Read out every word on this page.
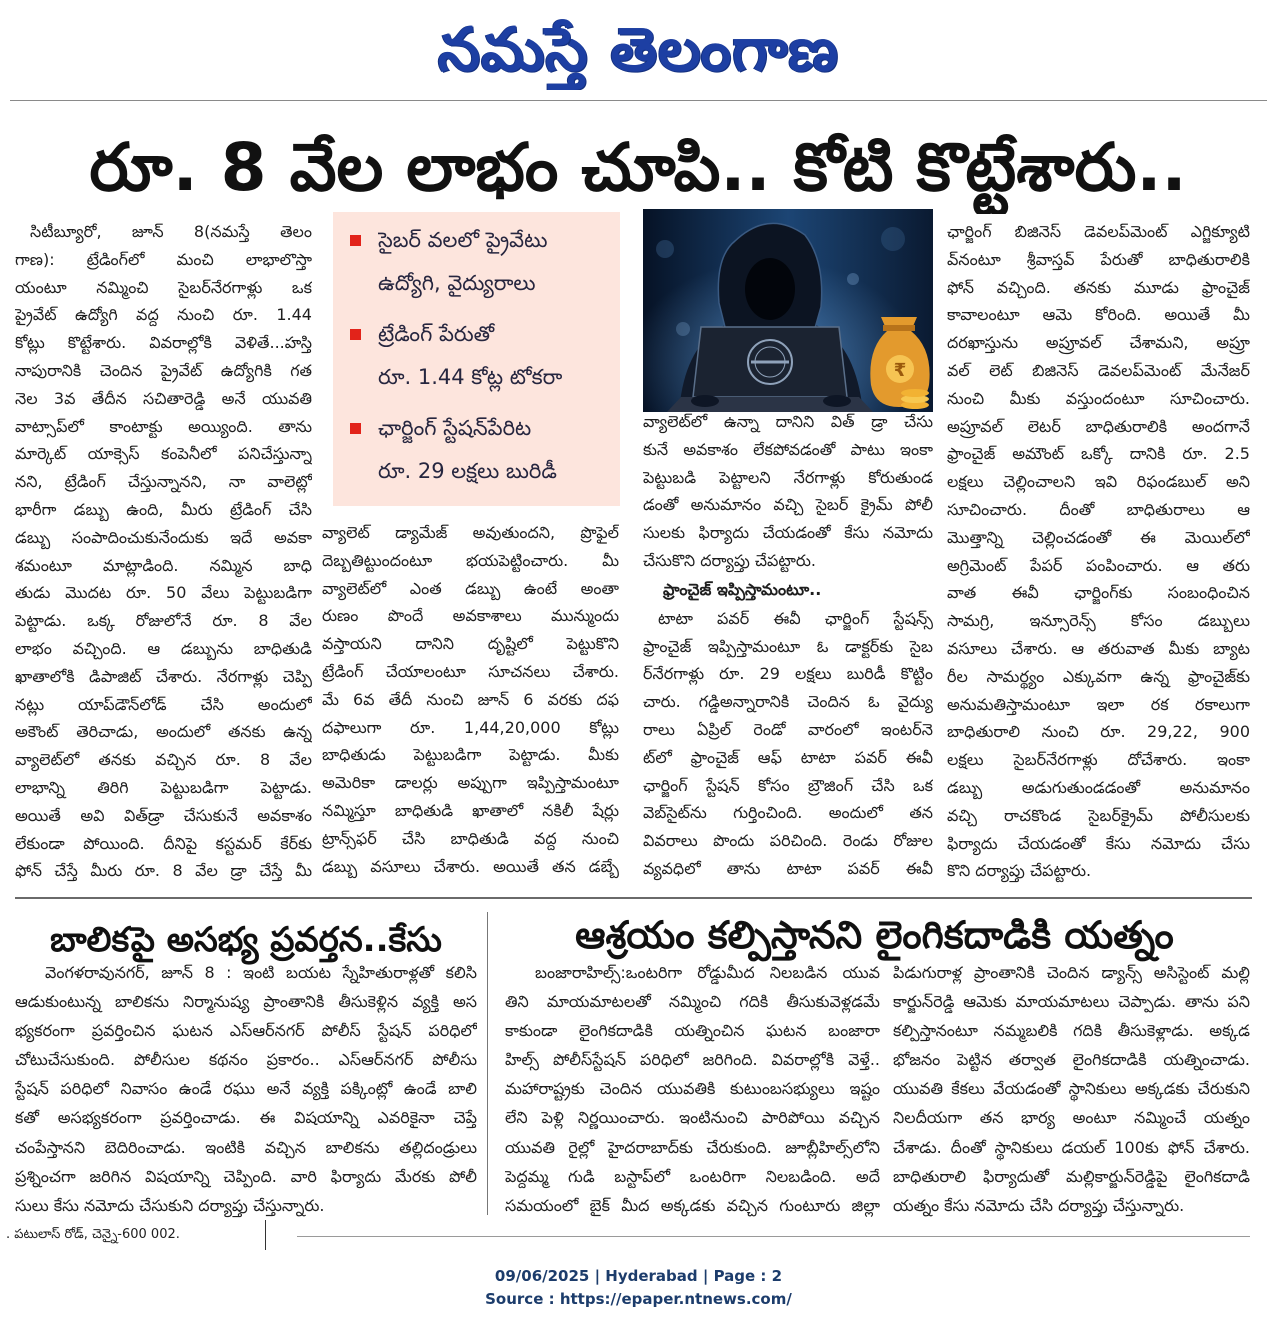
నమస్తే తెలంగాణ
రూ. 8 వేల లాభం చూపి.. కోటి కొట్టేశారు..
సిటీబ్యూరో, జూన్ 8(నమస్తే తెలం
గాణ): ట్రేడింగ్‌లో మంచి లాభాలొస్తా
యంటూ నమ్మించి సైబర్‌నేరగాళ్లు ఒక
ప్రైవేట్ ఉద్యోగి వద్ద నుంచి రూ. 1.44
కోట్లు కొట్టేశారు. వివరాల్లోకి వెళితే...హస్తి
నాపురానికి చెందిన ప్రైవేట్ ఉద్యోగికి గత
నెల 3వ తేదీన సచితారెడ్డి అనే యువతి
వాట్సాప్‌లో కాంటాక్టు అయ్యింది. తాను
మార్కెట్ యాక్సెస్ కంపెనీలో పనిచేస్తున్నా
నని, ట్రేడింగ్ చేస్తున్నానని, నా వాలెట్లో
భారీగా డబ్బు ఉంది, మీరు ట్రేడింగ్ చేసి
డబ్బు సంపాదించుకునేందుకు ఇదే అవకా
శమంటూ మాట్లాడింది. నమ్మిన బాధి
తుడు మొదట రూ. 50 వేలు పెట్టుబడిగా
పెట్టాడు. ఒక్క రోజులోనే రూ. 8 వేల
లాభం వచ్చింది. ఆ డబ్బును బాధితుడి
ఖాతాలోకి డిపాజిట్ చేశారు. నేరగాళ్లు చెప్పి
నట్లు యాప్‌డౌన్‌లోడ్ చేసి అందులో
అకౌంట్ తెరిచాడు, అందులో తనకు ఉన్న
వ్యాలెట్‌లో తనకు వచ్చిన రూ. 8 వేల
లాభాన్ని తిరిగి పెట్టుబడిగా పెట్టాడు.
అయితే అవి విత్‌డ్రా చేసుకునే అవకాశం
లేకుండా పోయింది. దీనిపై కస్టమర్ కేర్‌కు
ఫోన్ చేస్తే మీరు రూ. 8 వేల డ్రా చేస్తే మీ
సైబర్ వలలో ప్రైవేటు
ఉద్యోగి, వైద్యురాలు
ట్రేడింగ్ పేరుతో
రూ. 1.44 కోట్ల టోకరా
ఛార్జింగ్ స్టేషన్‌పేరిట
రూ. 29 లక్షలు బురిడీ
వ్యాలెట్ డ్యామేజ్ అవుతుందని, ప్రొఫైల్
దెబ్బతిట్టుందంటూ భయపెట్టించారు. మీ
వ్యాలెట్‌లో ఎంత డబ్బు ఉంటే అంతా
రుణం పొందే అవకాశాలు మున్ముందు
వస్తాయని దానిని దృష్టిలో పెట్టుకొని
ట్రేడింగ్ చేయాలంటూ సూచనలు చేశారు.
మే 6వ తేదీ నుంచి జూన్ 6 వరకు దఫ
దఫాలుగా రూ. 1,44,20,000 కోట్లు
బాధితుడు పెట్టుబడిగా పెట్టాడు. మీకు
అమెరికా డాలర్లు అప్పుగా ఇప్పిస్తామంటూ
నమ్మిస్తూ బాధితుడి ఖాతాలో నకిలీ షేర్లు
ట్రాన్స్‌ఫర్ చేసి బాధితుడి వద్ద నుంచి
డబ్బు వసూలు చేశారు. అయితే తన డబ్బే
₹
వ్యాలెట్‌లో ఉన్నా దానిని విత్ డ్రా చేసు
కునే అవకాశం లేకపోవడంతో పాటు ఇంకా
పెట్టుబడి పెట్టాలని నేరగాళ్లు కోరుతుండ
డంతో అనుమానం వచ్చి సైబర్ క్రైమ్ పోలీ
సులకు ఫిర్యాదు చేయడంతో కేసు నమోదు
చేసుకొని దర్యాప్తు చేపట్టారు.
ఫ్రాంచైజ్ ఇప్పిస్తామంటూ..
టాటా పవర్ ఈవీ ఛార్జింగ్ స్టేషన్స్
ఫ్రాంచైజ్ ఇప్పిస్తామంటూ ఓ డాక్టర్‌కు సైబ
ర్‌నేరగాళ్లు రూ. 29 లక్షలు బురిడీ కొట్టిం
చారు. గడ్డిఅన్నారానికి చెందిన ఓ వైద్యు
రాలు ఏప్రిల్ రెండో వారంలో ఇంటర్‌నె
ట్‌లో ఫ్రాంచైజ్ ఆఫ్ టాటా పవర్ ఈవీ
ఛార్జింగ్ స్టేషన్ కోసం బ్రౌజింగ్ చేసి ఒక
వెబ్‌సైట్‌ను గుర్తించింది. అందులో తన
వివరాలు పొందు పరిచింది. రెండు రోజుల
వ్యవధిలో తాను టాటా పవర్ ఈవీ
ఛార్జింగ్ బిజినెస్ డెవలప్‌మెంట్ ఎగ్జిక్యూటి
వ్‌నంటూ శ్రీవాస్తవ్ పేరుతో బాధితురాలికి
ఫోన్ వచ్చింది. తనకు మూడు ఫ్రాంచైజ్
కావాలంటూ ఆమె కోరింది. అయితే మీ
దరఖాస్తును అప్రూవల్ చేశామని, అప్రూ
వల్ లెట్ బిజినెస్ డెవలప్‌మెంట్ మేనేజర్
నుంచి మీకు వస్తుందంటూ సూచించారు.
అప్రూవల్ లెటర్ బాధితురాలికి అందగానే
ఫ్రాంచైజ్ అమౌంట్ ఒక్కో దానికి రూ. 2.5
లక్షలు చెల్లించాలని ఇవి రిఫండబుల్ అని
సూచించారు. దీంతో బాధితురాలు ఆ
మొత్తాన్ని చెల్లించడంతో ఈ మెయిల్‌లో
అగ్రిమెంట్ పేపర్ పంపించారు. ఆ తరు
వాత ఈవీ ఛార్జింగ్‌కు సంబంధించిన
సామగ్రి, ఇన్సూరెన్స్ కోసం డబ్బులు
వసూలు చేశారు. ఆ తరువాత మీకు బ్యాట
రీల సామర్థ్యం ఎక్కువగా ఉన్న ఫ్రాంచైజ్‌కు
అనుమతిస్తామంటూ ఇలా రక రకాలుగా
బాధితురాలి నుంచి రూ. 29,22, 900
లక్షలు సైబర్‌నేరగాళ్లు దోచేశారు. ఇంకా
డబ్బు అడుగుతుండడంతో అనుమానం
వచ్చి రాచకొండ సైబర్‌క్రైమ్ పోలీసులకు
ఫిర్యాదు చేయడంతో కేసు నమోదు చేసు
కొని దర్యాప్తు చేపట్టారు.
బాలికపై అసభ్య ప్రవర్తన..కేసు
వెంగళరావునగర్, జూన్ 8 : ఇంటి బయట స్నేహితురాళ్లతో కలిసి
ఆడుకుంటున్న బాలికను నిర్మానుష్య ప్రాంతానికి తీసుకెళ్లిన వ్యక్తి అస
భ్యకరంగా ప్రవర్తించిన ఘటన ఎస్ఆర్‌నగర్ పోలీస్ స్టేషన్ పరిధిలో
చోటుచేసుకుంది. పోలీసుల కథనం ప్రకారం.. ఎస్ఆర్‌నగర్ పోలీసు
స్టేషన్ పరిధిలో నివాసం ఉండే రఘు అనే వ్యక్తి పక్కింట్లో ఉండే బాలి
కతో అసభ్యకరంగా ప్రవర్తించాడు. ఈ విషయాన్ని ఎవరికైనా చెప్తే
చంపేస్తానని బెదిరించాడు. ఇంటికి వచ్చిన బాలికను తల్లిదండ్రులు
ప్రశ్నించగా జరిగిన విషయాన్ని చెప్పింది. వారి ఫిర్యాదు మేరకు పోలీ
సులు కేసు నమోదు చేసుకుని దర్యాప్తు చేస్తున్నారు.
ఆశ్రయం కల్పిస్తానని లైంగికదాడికి యత్నం
బంజారాహిల్స్:ఒంటరిగా రోడ్డుమీద నిలబడిన యువ
తిని మాయమాటలతో నమ్మించి గదికి తీసుకువెళ్లడమే
కాకుండా లైంగికదాడికి యత్నించిన ఘటన బంజారా
హిల్స్ పోలీస్‌స్టేషన్ పరిధిలో జరిగింది. వివరాల్లోకి వెళ్తే..
మహారాష్ట్రకు చెందిన యువతికి కుటుంబసభ్యులు ఇష్టం
లేని పెళ్లి నిర్ణయించారు. ఇంటినుంచి పారిపోయి వచ్చిన
యువతి రైల్లో హైదరాబాద్‌కు చేరుకుంది. జూబ్లీహిల్స్‌లోని
పెద్దమ్మ గుడి బస్టాప్‌లో ఒంటరిగా నిలబడింది. అదే
సమయంలో బైక్ మీద అక్కడకు వచ్చిన గుంటూరు జిల్లా
పిడుగురాళ్ల ప్రాంతానికి చెందిన డ్యాన్స్ అసిస్టెంట్ మల్లి
కార్జున్‌రెడ్డి ఆమెకు మాయమాటలు చెప్పాడు. తాను పని
కల్పిస్తానంటూ నమ్మబలికి గదికి తీసుకెళ్లాడు. అక్కడ
భోజనం పెట్టిన తర్వాత లైంగికదాడికి యత్నించాడు.
యువతి కేకలు వేయడంతో స్థానికులు అక్కడకు చేరుకుని
నిలదీయగా తన భార్య అంటూ నమ్మించే యత్నం
చేశాడు. దీంతో స్థానికులు డయల్ 100కు ఫోన్ చేశారు.
బాధితురాలి ఫిర్యాదుతో మల్లికార్జున్‌రెడ్డిపై లైంగికదాడి
యత్నం కేసు నమోదు చేసి దర్యాప్తు చేస్తున్నారు.
. పటులాస్ రోడ్, చెన్నై-600 002.
09/06/2025 | Hyderabad | Page : 2
Source : https://epaper.ntnews.com/
